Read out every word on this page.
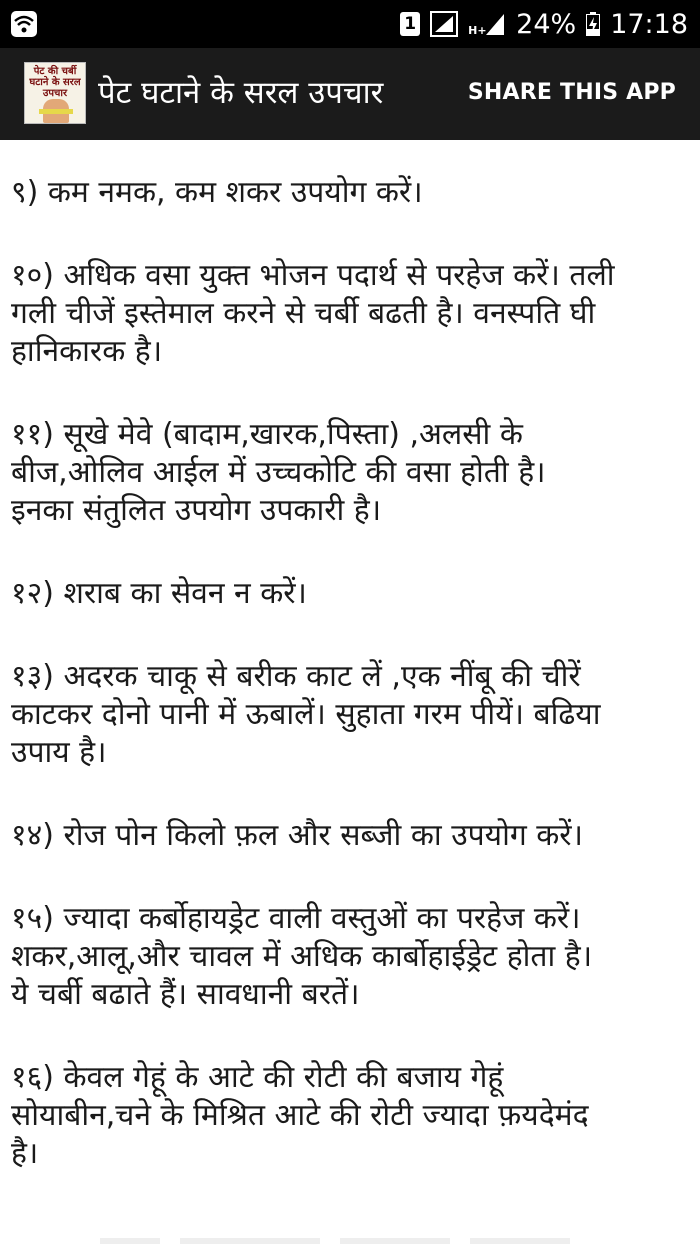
1	H+ 24% 17:18
पेट की चर्बी घटाने के सरल उपचार पेट घटाने के सरल उपचार	SHARE THIS APP
९) कम नमक, कम शकर उपयोग करें।
१०) अधिक वसा युक्त भोजन पदार्थ से परहेज करें। तली
गली चीजें इस्तेमाल करने से चर्बी बढती है। वनस्पति घी
हानिकारक है।
११) सूखे मेवे (बादाम,खारक,पिस्ता) ,अलसी के
बीज,ओलिव आईल में उच्चकोटि की वसा होती है।
इनका संतुलित उपयोग उपकारी है।
१२) शराब का सेवन न करें।
१३) अदरक चाकू से बरीक काट लें ,एक नींबू की चीरें
काटकर दोनो पानी में ऊबालें। सुहाता गरम पीयें। बढिया
उपाय है।
१४) रोज पोन किलो फ़ल और सब्जी का उपयोग करें।
१५) ज्यादा कर्बोहायड्रेट वाली वस्तुओं का परहेज करें।
शकर,आलू,और चावल में अधिक कार्बोहाईड्रेट होता है।
ये चर्बी बढाते हैं। सावधानी बरतें।
१६) केवल गेहूं के आटे की रोटी की बजाय गेहूं
सोयाबीन,चने के मिश्रित आटे की रोटी ज्यादा फ़यदेमंद
है।
